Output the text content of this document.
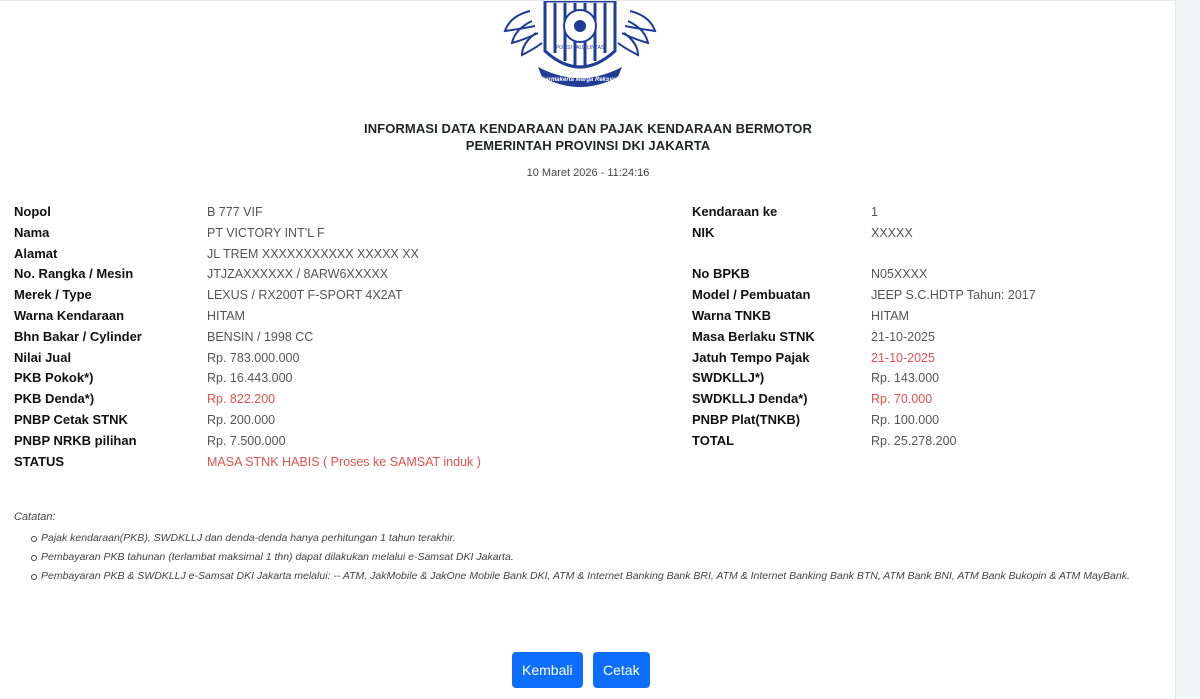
POLISI LALU LINTAS
Dharmakerta Marga Reksyaka
INFORMASI DATA KENDARAAN DAN PAJAK KENDARAAN BERMOTOR
PEMERINTAH PROVINSI DKI JAKARTA
10 Maret 2026 - 11:24:16
Nopol	B 777 VIF
Nama	PT VICTORY INT'L F
Alamat	JL TREM XXXXXXXXXXX XXXXX XX
No. Rangka / Mesin	JTJZAXXXXXX / 8ARW6XXXXX
Merek / Type	LEXUS / RX200T F-SPORT 4X2AT
Warna Kendaraan	HITAM
Bhn Bakar / Cylinder	BENSIN / 1998 CC
Nilai Jual	Rp. 783.000.000
PKB Pokok*)	Rp. 16.443.000
PKB Denda*)	Rp. 822.200
PNBP Cetak STNK	Rp. 200.000
PNBP NRKB pilihan	Rp. 7.500.000
STATUS	MASA STNK HABIS ( Proses ke SAMSAT induk )
Kendaraan ke	1
NIK	XXXXX
No BPKB	N05XXXX
Model / Pembuatan	JEEP S.C.HDTP Tahun: 2017
Warna TNKB	HITAM
Masa Berlaku STNK	21-10-2025
Jatuh Tempo Pajak	21-10-2025
SWDKLLJ*)	Rp. 143.000
SWDKLLJ Denda*)	Rp. 70.000
PNBP Plat(TNKB)	Rp. 100.000
TOTAL	Rp. 25.278.200
Catatan:
Pajak kendaraan(PKB), SWDKLLJ dan denda-denda hanya perhitungan 1 tahun terakhir.
Pembayaran PKB tahunan (terlambat maksimal 1 thn) dapat dilakukan melalui e-Samsat DKI Jakarta.
Pembayaran PKB & SWDKLLJ e-Samsat DKI Jakarta melalui: -- ATM, JakMobile & JakOne Mobile Bank DKI, ATM & Internet Banking Bank BRI, ATM & Internet Banking Bank BTN, ATM Bank BNI, ATM Bank Bukopin & ATM MayBank.
Kembali	Cetak
